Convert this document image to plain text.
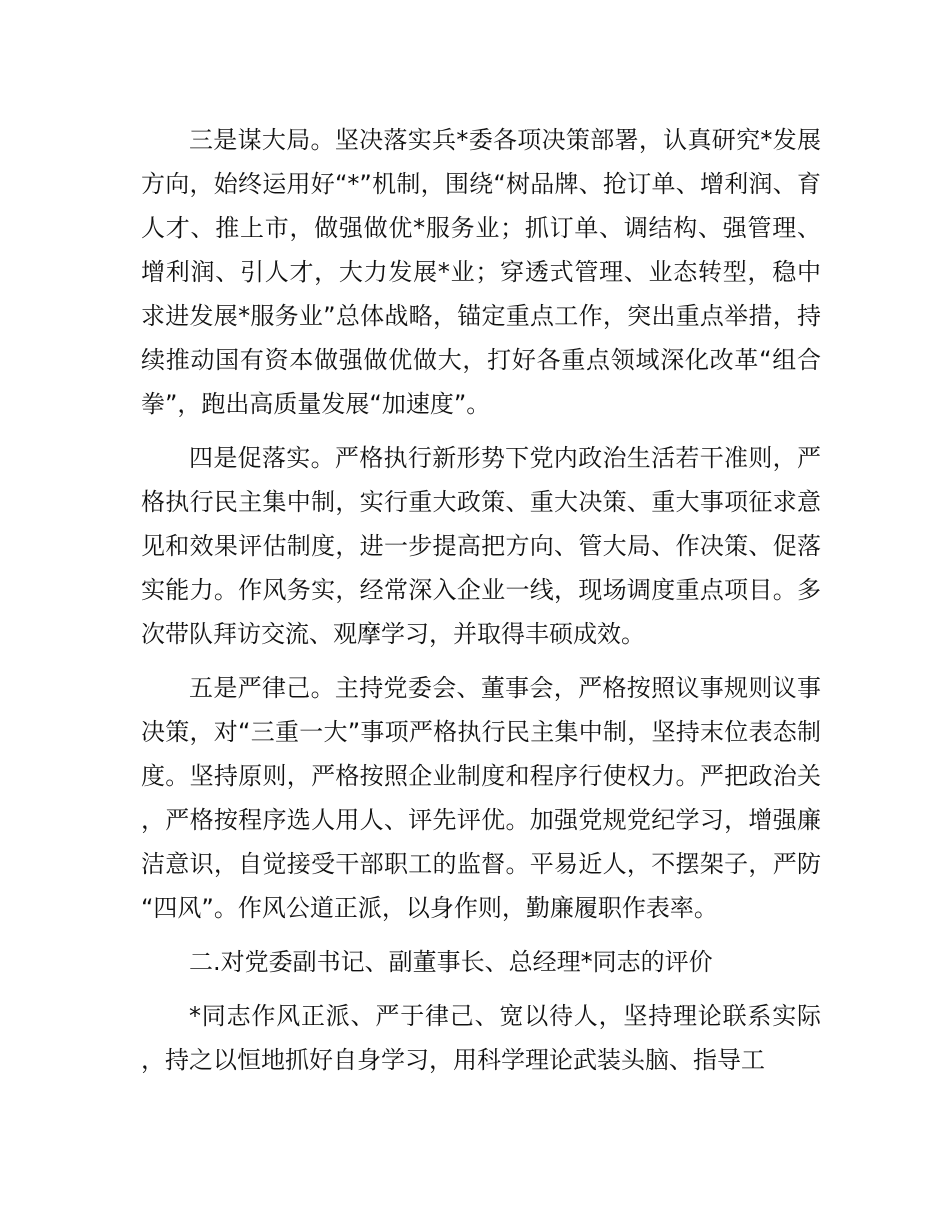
三是谋大局。坚决落实兵*委各项决策部署，认真研究*发展方向，始终运用好“*”机制，围绕“树品牌、抢订单、增利润、育人才、推上市，做强做优*服务业；抓订单、调结构、强管理、增利润、引人才，大力发展*业；穿透式管理、业态转型，稳中求进发展*服务业”总体战略，锚定重点工作，突出重点举措，持续推动国有资本做强做优做大，打好各重点领域深化改革“组合拳”，跑出高质量发展“加速度”。

四是促落实。严格执行新形势下党内政治生活若干准则，严格执行民主集中制，实行重大政策、重大决策、重大事项征求意见和效果评估制度，进一步提高把方向、管大局、作决策、促落实能力。作风务实，经常深入企业一线，现场调度重点项目。多次带队拜访交流、观摩学习，并取得丰硕成效。

五是严律己。主持党委会、董事会，严格按照议事规则议事决策，对“三重一大”事项严格执行民主集中制，坚持末位表态制度。坚持原则，严格按照企业制度和程序行使权力。严把政治关，严格按程序选人用人、评先评优。加强党规党纪学习，增强廉洁意识，自觉接受干部职工的监督。平易近人，不摆架子，严防“四风”。作风公道正派，以身作则，勤廉履职作表率。

二.对党委副书记、副董事长、总经理*同志的评价

*同志作风正派、严于律己、宽以待人，坚持理论联系实际，持之以恒地抓好自身学习，用科学理论武装头脑、指导工
